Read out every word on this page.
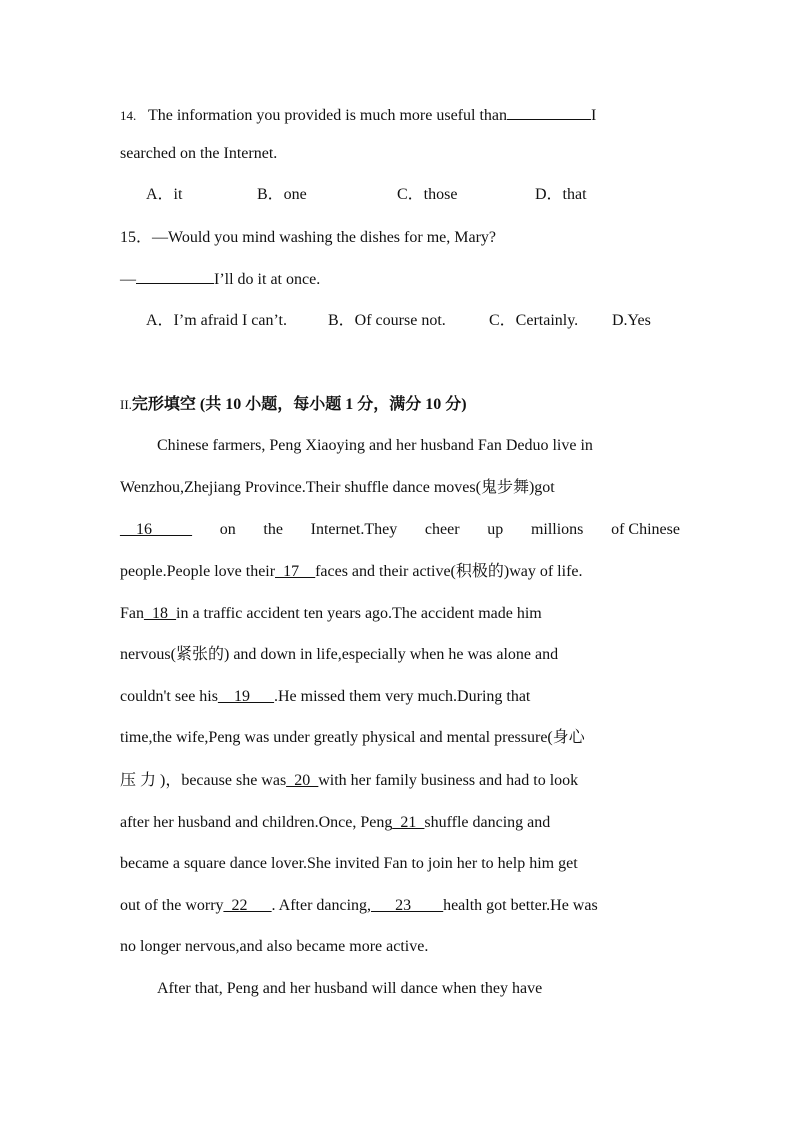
14. The information you provided is much more useful than	I
searched on the Internet.
A．it	B．one	C．those	D．that
15．—Would you mind washing the dishes for me, Mary?
—	I’ll do it at once.
A．I’m afraid I can’t.	B．Of course not.	C．Certainly. D.Yes
II.完形填空 (共 10 小题，每小题 1 分，满分 10 分)
Chinese farmers, Peng Xiaoying and her husband Fan Deduo live in
Wenzhou,Zhejiang Province.Their shuffle dance moves(鬼步舞)got
__16_____ on the Internet.They cheer up millions of Chinese
people.People love their_17__faces and their active(积极的)way of life.
Fan_18_in a traffic accident ten years ago.The accident made him
nervous(紧张的) and down in life,especially when he was alone and
couldn't see his__19___.He missed them very much.During that
time,the wife,Peng was under greatly physical and mental pressure(身心
压 力 )，because she was_20_with her family business and had to look
after her husband and children.Once, Peng_21_shuffle dancing and
became a square dance lover.She invited Fan to join her to help him get
out of the worry_22___. After dancing,___23____health got better.He was
no longer nervous,and also became more active.
After that, Peng and her husband will dance when they have
